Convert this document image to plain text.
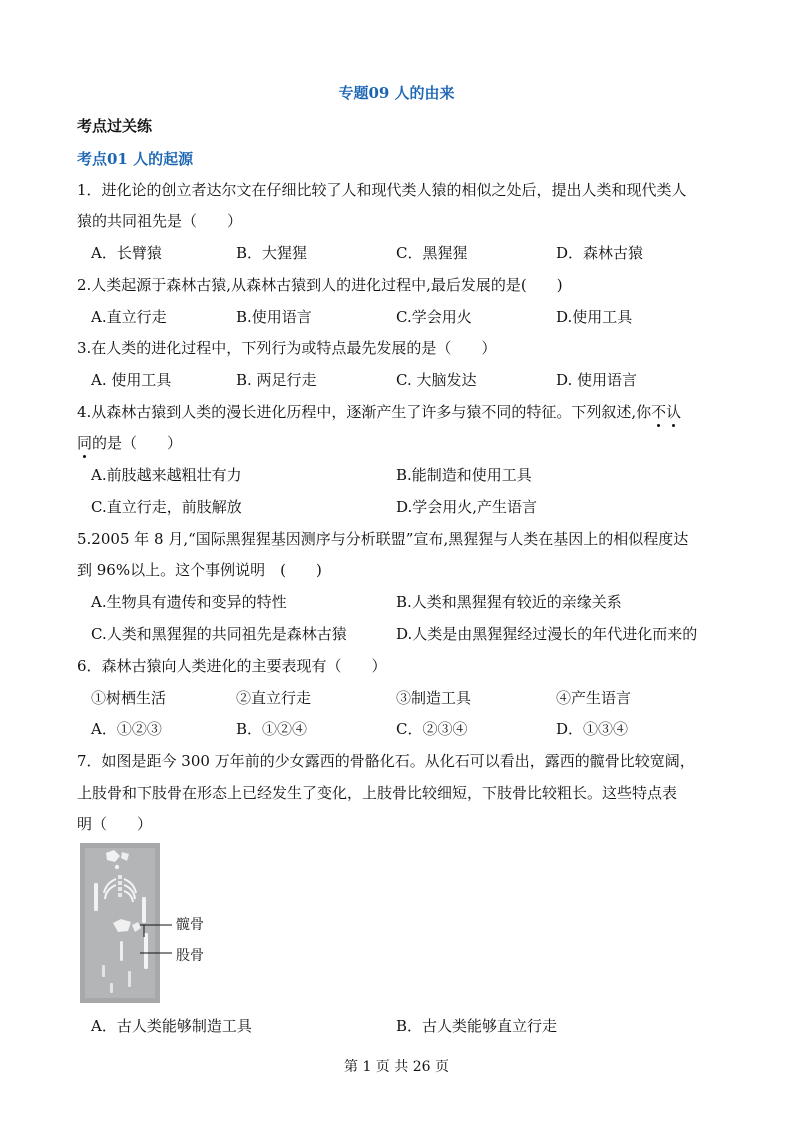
专题09 人的由来
考点过关练
考点01 人的起源
1．进化论的创立者达尔文在仔细比较了人和现代类人猿的相似之处后，提出人类和现代类人
猿的共同祖先是（　　）
A．长臂猿	B．大猩猩	C．黑猩猩	D．森林古猿
2.人类起源于森林古猿,从森林古猿到人的进化过程中,最后发展的是(　　)
A.直立行走	B.使用语言	C.学会用火	D.使用工具
3.在人类的进化过程中，下列行为或特点最先发展的是（　　）
A. 使用工具	B. 两足行走	C. 大脑发达	D. 使用语言
4.从森林古猿到人类的漫长进化历程中，逐渐产生了许多与猿不同的特征。下列叙述,你不认
同的是（　　）
A.前肢越来越粗壮有力	B.能制造和使用工具
C.直立行走，前肢解放	D.学会用火,产生语言
5.2005 年 8 月,“国际黑猩猩基因测序与分析联盟”宣布,黑猩猩与人类在基因上的相似程度达
到 96%以上。这个事例说明　(　　)
A.生物具有遗传和变异的特性	B.人类和黑猩猩有较近的亲缘关系
C.人类和黑猩猩的共同祖先是森林古猿	D.人类是由黑猩猩经过漫长的年代进化而来的
6．森林古猿向人类进化的主要表现有（　　）
①树栖生活	②直立行走	③制造工具	④产生语言
A．①②③	B．①②④	C．②③④	D．①③④
7．如图是距今 300 万年前的少女露西的骨骼化石。从化石可以看出，露西的髋骨比较宽阔，
上肢骨和下肢骨在形态上已经发生了变化，上肢骨比较细短，下肢骨比较粗长。这些特点表
明（　　）
髋骨
股骨
A．古人类能够制造工具	B．古人类能够直立行走
第 1 页 共 26 页
